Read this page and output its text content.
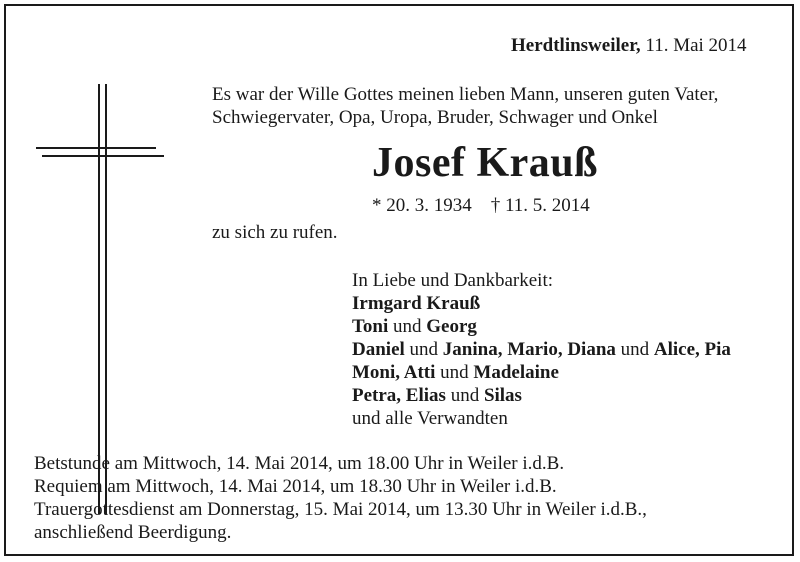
Herdtlinsweiler, 11. Mai 2014
Es war der Wille Gottes meinen lieben Mann, unseren guten Vater,
Schwiegervater, Opa, Uropa, Bruder, Schwager und Onkel
Josef Krauß
* 20. 3. 1934    † 11. 5. 2014
zu sich zu rufen.
In Liebe und Dankbarkeit:
Irmgard Krauß
Toni und Georg
Daniel und Janina, Mario, Diana und Alice, Pia
Moni, Atti und Madelaine
Petra, Elias und Silas
und alle Verwandten
Betstunde am Mittwoch, 14. Mai 2014, um 18.00 Uhr in Weiler i.d.B.
Requiem am Mittwoch, 14. Mai 2014, um 18.30 Uhr in Weiler i.d.B.
Trauergottesdienst am Donnerstag, 15. Mai 2014, um 13.30 Uhr in Weiler i.d.B.,
anschließend Beerdigung.
